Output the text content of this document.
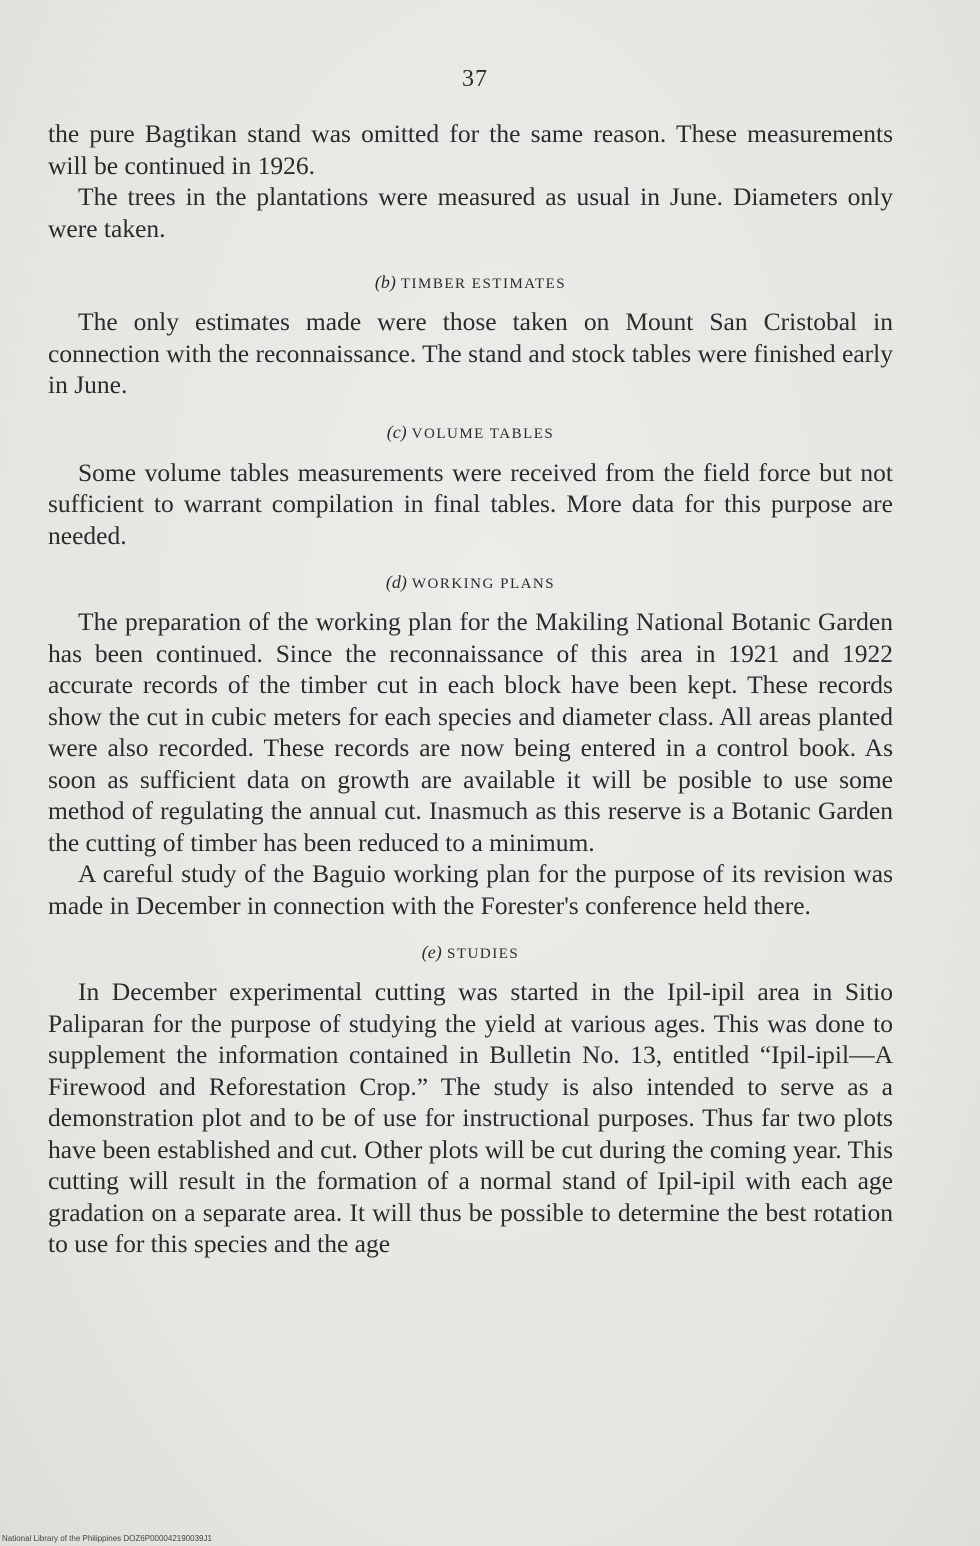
37

the pure Bagtikan stand was omitted for the same reason. These measurements will be continued in 1926.

The trees in the plantations were measured as usual in June. Diameters only were taken.

(b) TIMBER ESTIMATES

The only estimates made were those taken on Mount San Cristobal in connection with the reconnaissance. The stand and stock tables were finished early in June.

(c) VOLUME TABLES

Some volume tables measurements were received from the field force but not sufficient to warrant compilation in final tables. More data for this purpose are needed.

(d) WORKING PLANS

The preparation of the working plan for the Makiling National Botanic Garden has been continued. Since the reconnaissance of this area in 1921 and 1922 accurate records of the timber cut in each block have been kept. These records show the cut in cubic meters for each species and diameter class. All areas planted were also recorded. These records are now being entered in a control book. As soon as sufficient data on growth are available it will be posible to use some method of regulating the annual cut. Inasmuch as this reserve is a Botanic Garden the cutting of timber has been reduced to a minimum.

A careful study of the Baguio working plan for the purpose of its revision was made in December in connection with the Forester's conference held there.

(e) STUDIES

In December experimental cutting was started in the Ipil-ipil area in Sitio Paliparan for the purpose of studying the yield at various ages. This was done to supplement the information contained in Bulletin No. 13, entitled “Ipil-ipil—A Firewood and Reforestation Crop.” The study is also intended to serve as a demonstration plot and to be of use for instructional purposes. Thus far two plots have been established and cut. Other plots will be cut during the coming year. This cutting will result in the formation of a normal stand of Ipil-ipil with each age gradation on a separate area. It will thus be possible to determine the best rotation to use for this species and the age

National Library of the Philippines DOZ6P000042190039J1
